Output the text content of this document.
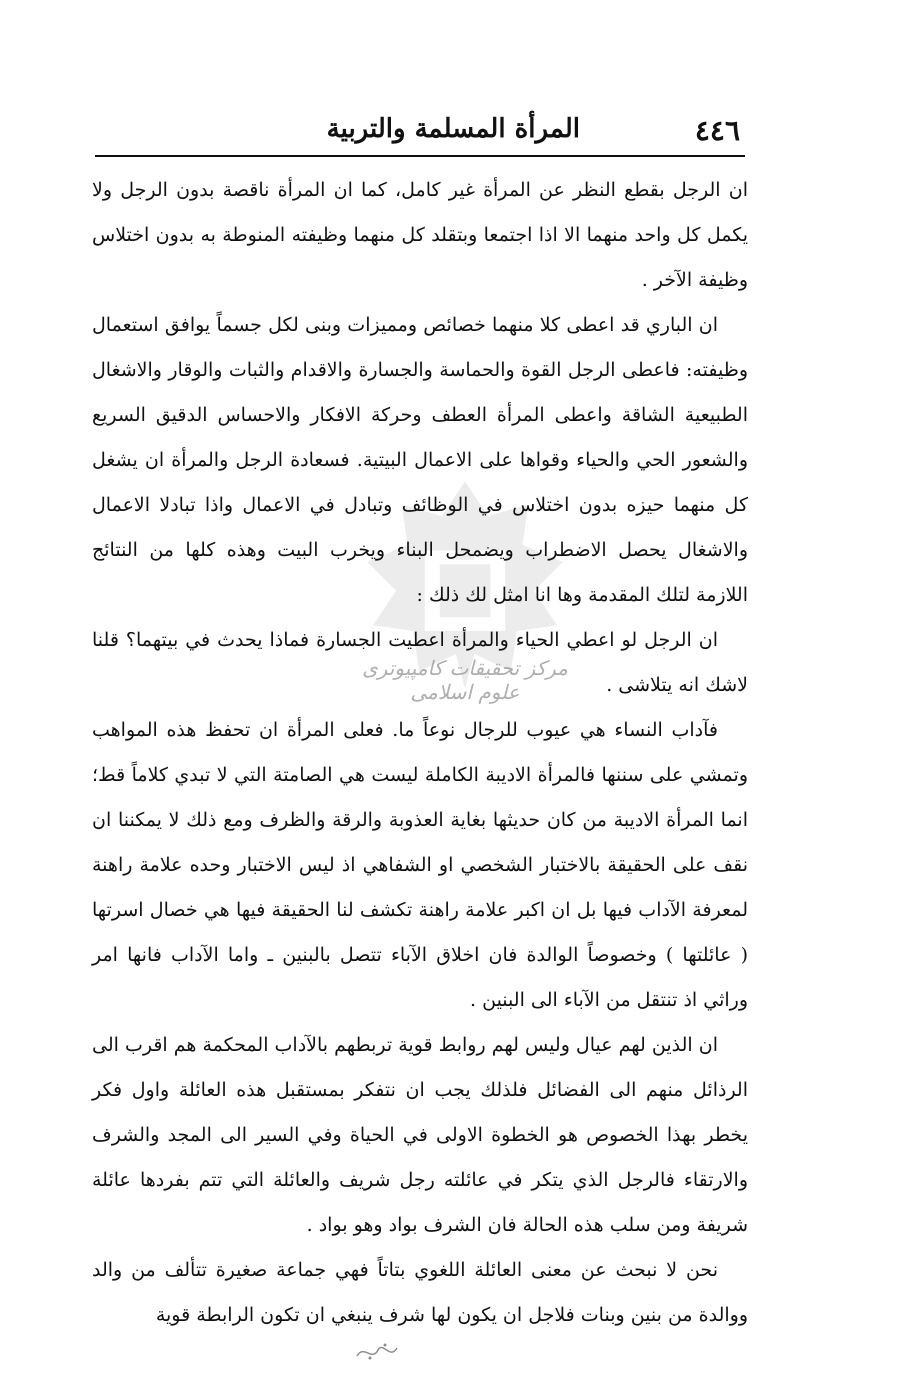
٤٤٦
المرأة المسلمة والتربية
مرکز تحقیقات کامپیوتری علوم اسلامی

ان الرجل بقطع النظر عن المرأة غير كامل، كما ان المرأة ناقصة بدون الرجل ولا يكمل كل واحد منهما الا اذا اجتمعا وبتقلد كل منهما وظيفته المنوطة به بدون اختلاس وظيفة الآخر .

ان الباري قد اعطى كلا منهما خصائص ومميزات وبنى لكل جسماً يوافق استعمال وظيفته: فاعطى الرجل القوة والحماسة والجسارة والاقدام والثبات والوقار والاشغال الطبيعية الشاقة واعطى المرأة العطف وحركة الافكار والاحساس الدقيق السريع والشعور الحي والحياء وقواها على الاعمال البيتية. فسعادة الرجل والمرأة ان يشغل كل منهما حيزه بدون اختلاس في الوظائف وتبادل في الاعمال واذا تبادلا الاعمال والاشغال يحصل الاضطراب ويضمحل البناء ويخرب البيت وهذه كلها من النتائج اللازمة لتلك المقدمة وها انا امثل لك ذلك :

ان الرجل لو اعطي الحياء والمرأة اعطيت الجسارة فماذا يحدث في بيتهما؟ قلنا لاشك انه يتلاشى .

فآداب النساء هي عيوب للرجال نوعاً ما. فعلى المرأة ان تحفظ هذه المواهب وتمشي على سننها فالمرأة الاديبة الكاملة ليست هي الصامتة التي لا تبدي كلاماً قط؛ انما المرأة الاديبة من كان حديثها بغاية العذوبة والرقة والظرف ومع ذلك لا يمكننا ان نقف على الحقيقة بالاختبار الشخصي او الشفاهي اذ ليس الاختبار وحده علامة راهنة لمعرفة الآداب فيها بل ان اكبر علامة راهنة تكشف لنا الحقيقة فيها هي خصال اسرتها ( عائلتها ) وخصوصاً الوالدة فان اخلاق الآباء تتصل بالبنين ـ واما الآداب فانها امر وراثي اذ تنتقل من الآباء الى البنين .

ان الذين لهم عيال وليس لهم روابط قوية تربطهم بالآداب المحكمة هم اقرب الى الرذائل منهم الى الفضائل فلذلك يجب ان نتفكر بمستقبل هذه العائلة واول فكر يخطر بهذا الخصوص هو الخطوة الاولى في الحياة وفي السير الى المجد والشرف والارتقاء فالرجل الذي يتكر في عائلته رجل شريف والعائلة التي تتم بفردها عائلة شريفة ومن سلب هذه الحالة فان الشرف بواد وهو بواد .

نحن لا نبحث عن معنى العائلة اللغوي بتاتاً فهي جماعة صغيرة تتألف من والد ووالدة من بنين وبنات فلاجل ان يكون لها شرف ينبغي ان تكون الرابطة قوية
